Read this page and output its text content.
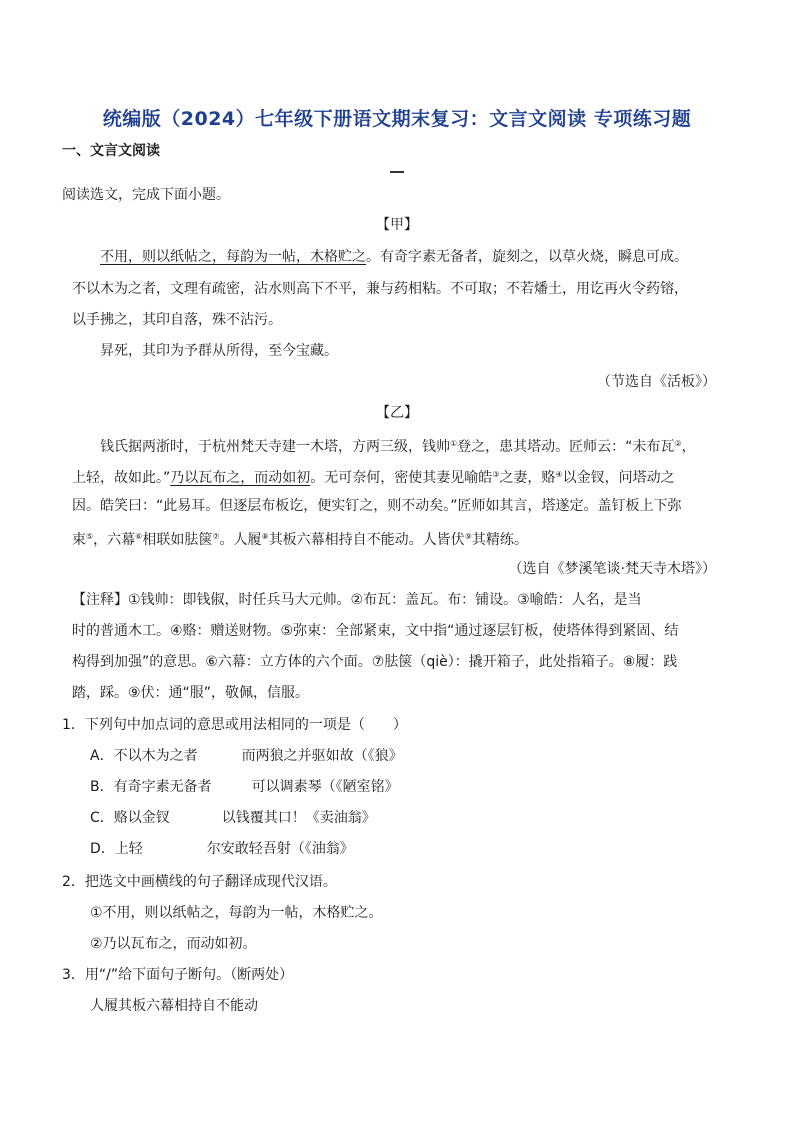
统编版（2024）七年级下册语文期末复习：文言文阅读 专项练习题
一、文言文阅读
阅读选文，完成下面小题。
【甲】
不用，则以纸帖之，每韵为一帖，木格贮之。有奇字素无备者，旋刻之，以草火烧，瞬息可成。
不以木为之者，文理有疏密，沾水则高下不平，兼与药相粘。不可取；不若燔土，用讫再火令药镕，
以手拂之，其印自落，殊不沾污。
昇死，其印为予群从所得，至今宝藏。
（节选自《活板》）
【乙】
钱氏据两浙时，于杭州梵天寺建一木塔，方两三级，钱帅①登之，患其塔动。匠师云：“未布瓦②，
上轻，故如此。”乃以瓦布之，而动如初。无可奈何，密使其妻见喻皓③之妻，赂④以金钗，问塔动之
因。皓笑曰：“此易耳。但逐层布板讫，便实钉之，则不动矣。”匠师如其言，塔遂定。盖钉板上下弥
束⑤，六幕⑥相联如胠箧⑦。人履⑧其板六幕相持自不能动。人皆伏⑨其精练。
（选自《梦溪笔谈·梵天寺木塔》）
【注释】①钱帅：即钱俶，时任兵马大元帅。②布瓦：盖瓦。布：铺设。③喻皓：人名，是当
时的普通木工。④赂：赠送财物。⑤弥束：全部紧束，文中指“通过逐层钉板，使塔体得到紧固、结
构得到加强”的意思。⑥六幕：立方体的六个面。⑦胠箧（qiè）：撬开箱子，此处指箱子。⑧履：践
踏，踩。⑨伏：通“服”，敬佩，信服。
1．下列句中加点词的意思或用法相同的一项是（　　）
A．不以木为之者	而两狼之并驱如故（《狼》
B．有奇字素无备者	可以调素琴（《陋室铭》
C．赂以金钗	以钱覆其口！《卖油翁》
D．上轻	尔安敢轻吾射（《油翁》
2．把选文中画横线的句子翻译成现代汉语。
①不用，则以纸帖之，每韵为一帖，木格贮之。
②乃以瓦布之，而动如初。
3．用“/”给下面句子断句。（断两处）
人履其板六幕相持自不能动
